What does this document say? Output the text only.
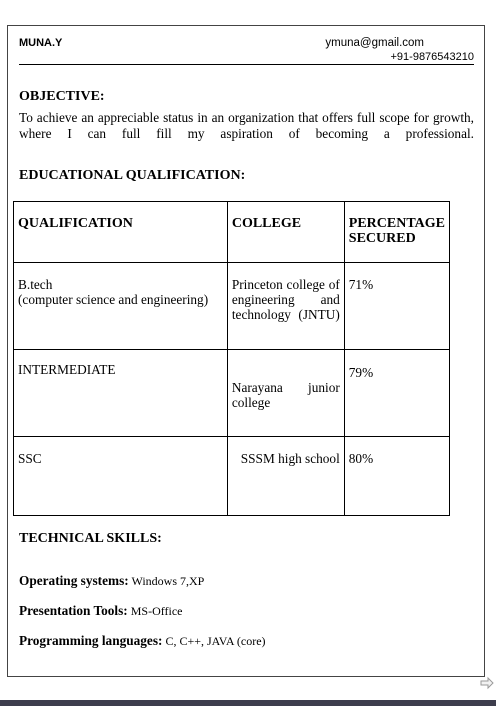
MUNA.Y	ymuna@gmail.com
+91-9876543210
OBJECTIVE:
To achieve an appreciable status in an organization that offers full scope for growth, where I can full fill my aspiration of becoming a professional.
EDUCATIONAL QUALIFICATION:
QUALIFICATION	COLLEGE	PERCENTAGE SECURED

B.tech
(computer science and engineering)	Princeton college of engineering and technology (JNTU)	71%

INTERMEDIATE	Narayana junior college	79%

SSC	SSSM high school	80%
TECHNICAL SKILLS:
Operating systems: Windows 7,XP
Presentation Tools: MS-Office
Programming languages: C, C++, JAVA (core)
